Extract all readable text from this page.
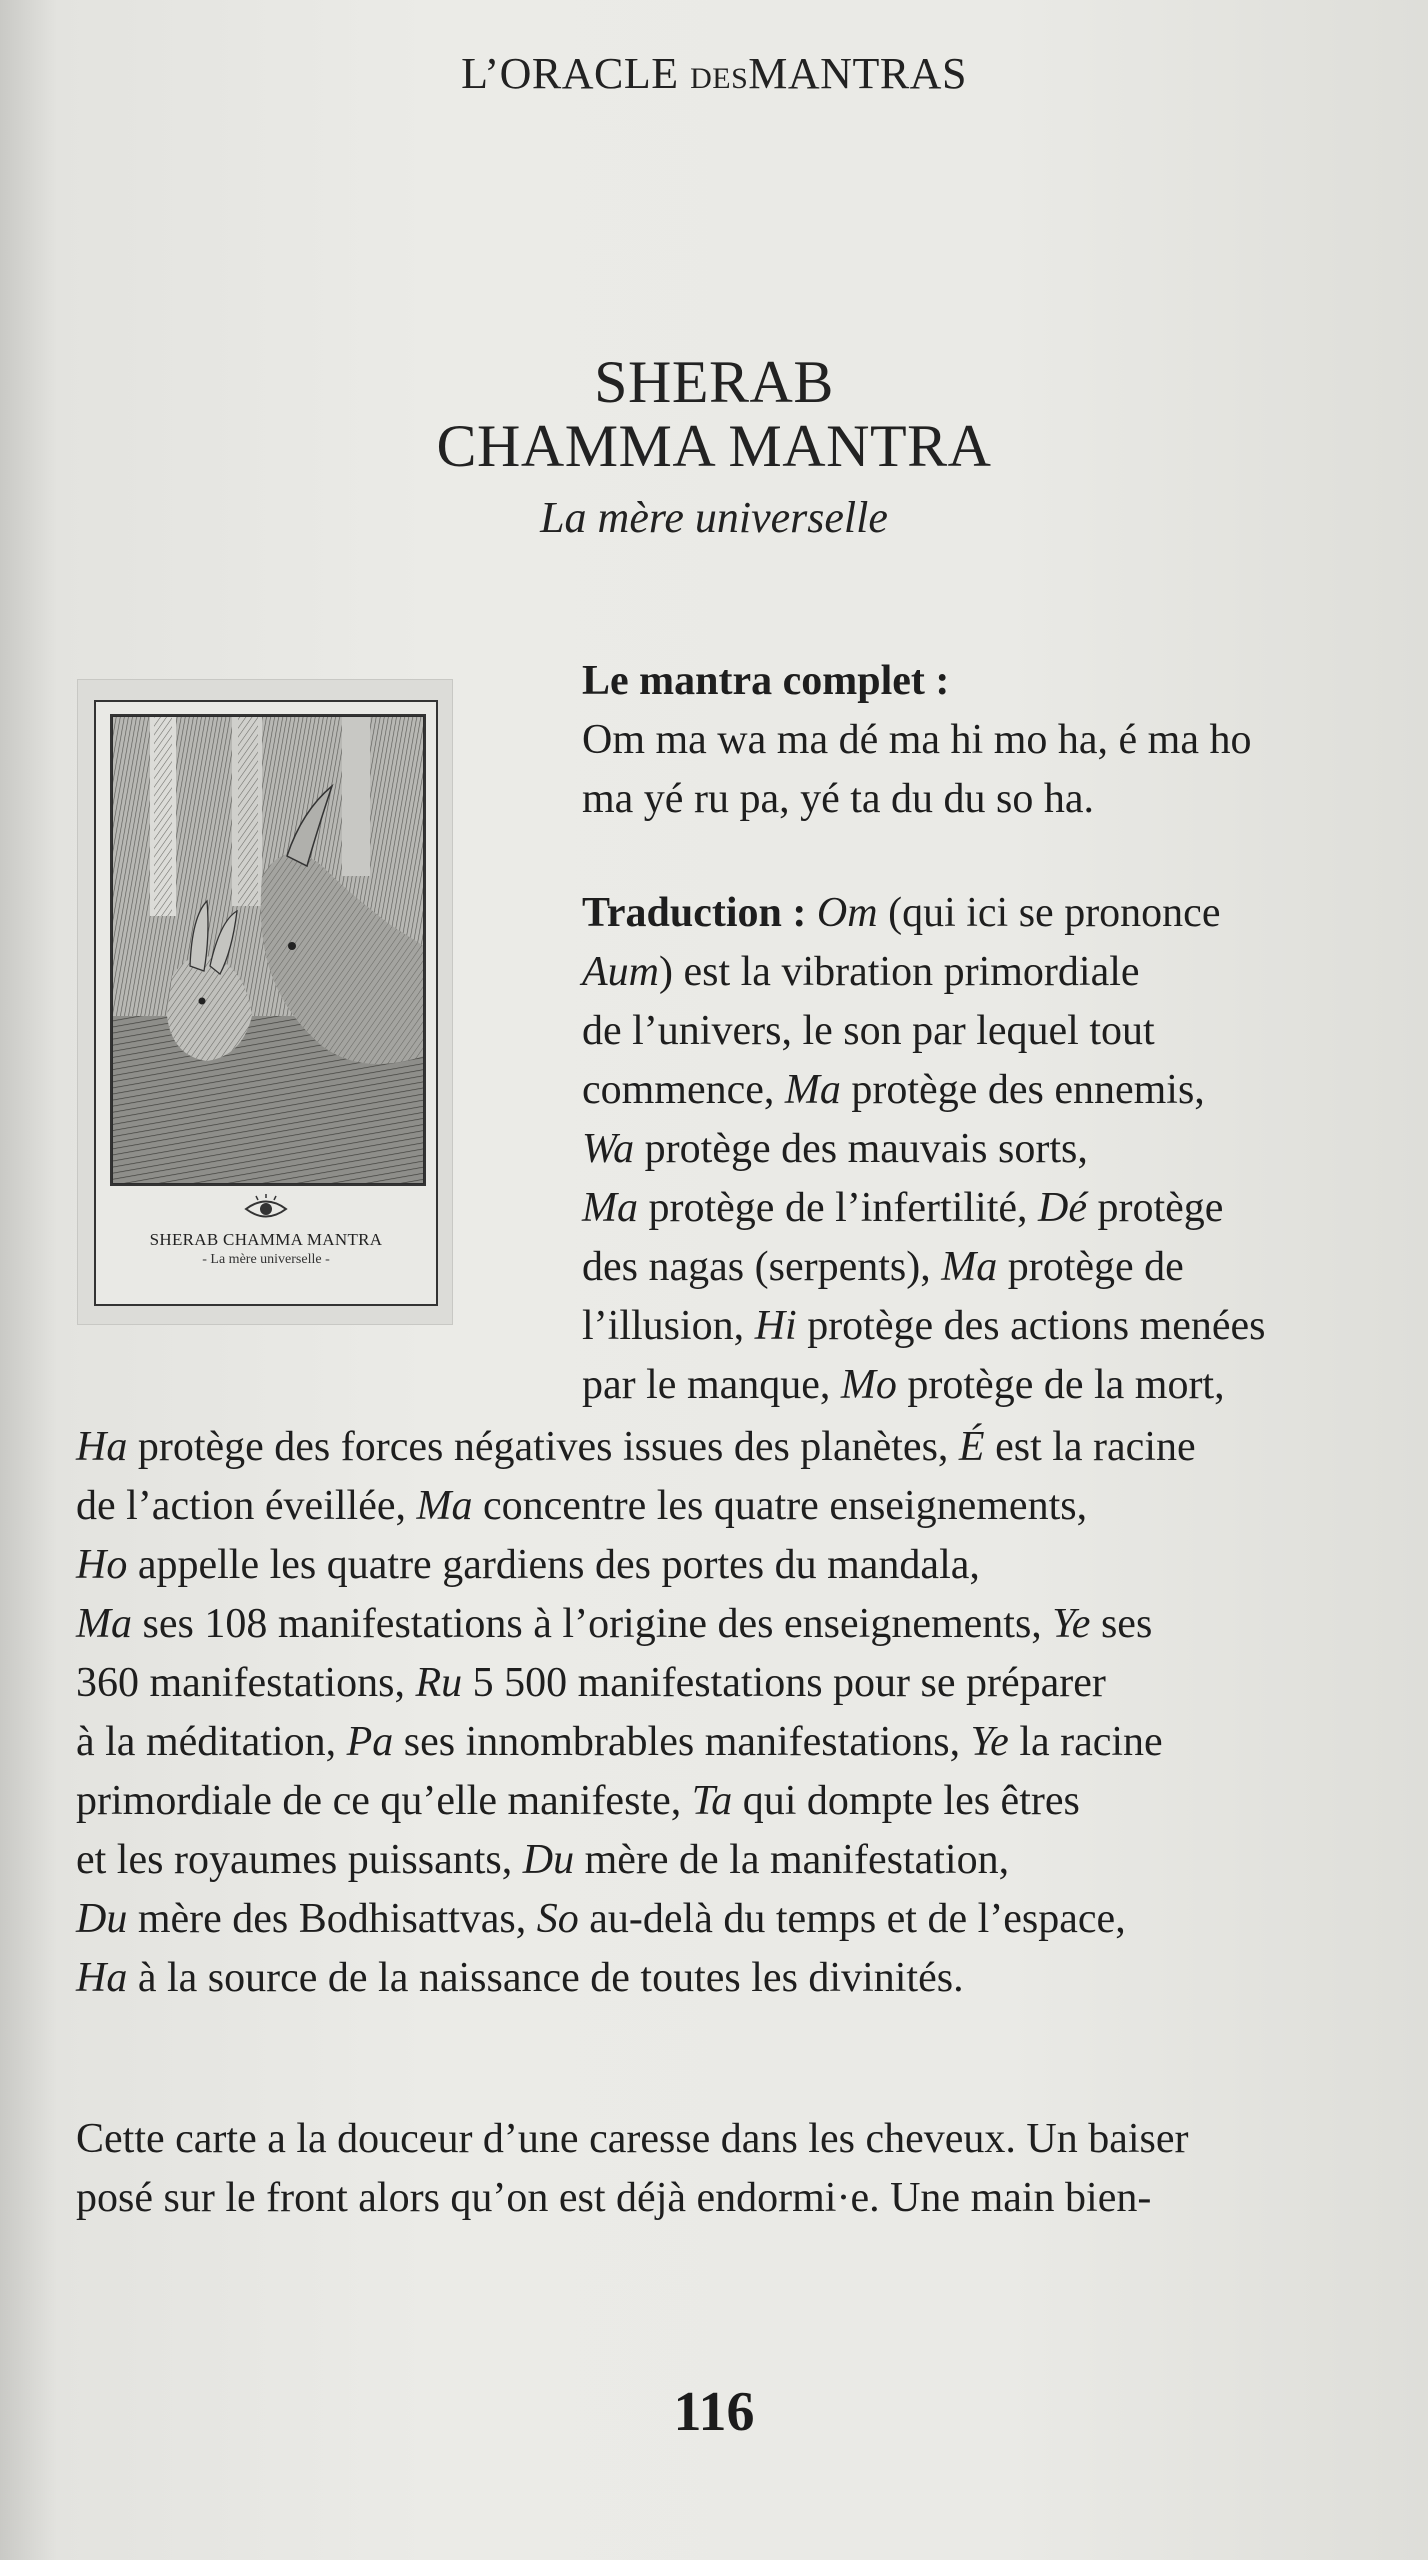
L’ORACLE DESMANTRAS
SHERAB
CHAMMA MANTRA
La mère universelle
SHERAB CHAMMA MANTRA
- La mère universelle -
Le mantra complet :
Om ma wa ma dé ma hi mo ha, é ma ho
ma yé ru pa, yé ta du du so ha.
Traduction : Om (qui ici se prononce
Aum) est la vibration primordiale
de l’univers, le son par lequel tout
commence, Ma protège des ennemis,
Wa protège des mauvais sorts,
Ma protège de l’infertilité, Dé protège
des nagas (serpents), Ma protège de
l’illusion, Hi protège des actions menées
par le manque, Mo protège de la mort,
Ha protège des forces négatives issues des planètes, É est la racine
de l’action éveillée, Ma concentre les quatre enseignements,
Ho appelle les quatre gardiens des portes du mandala,
Ma ses 108 manifestations à l’origine des enseignements, Ye ses
360 manifestations, Ru 5 500 manifestations pour se préparer
à la méditation, Pa ses innombrables manifestations, Ye la racine
primordiale de ce qu’elle manifeste, Ta qui dompte les êtres
et les royaumes puissants, Du mère de la manifestation,
Du mère des Bodhisattvas, So au-delà du temps et de l’espace,
Ha à la source de la naissance de toutes les divinités.
Cette carte a la douceur d’une caresse dans les cheveux. Un baiser
posé sur le front alors qu’on est déjà endormi·e. Une main bien-
116
